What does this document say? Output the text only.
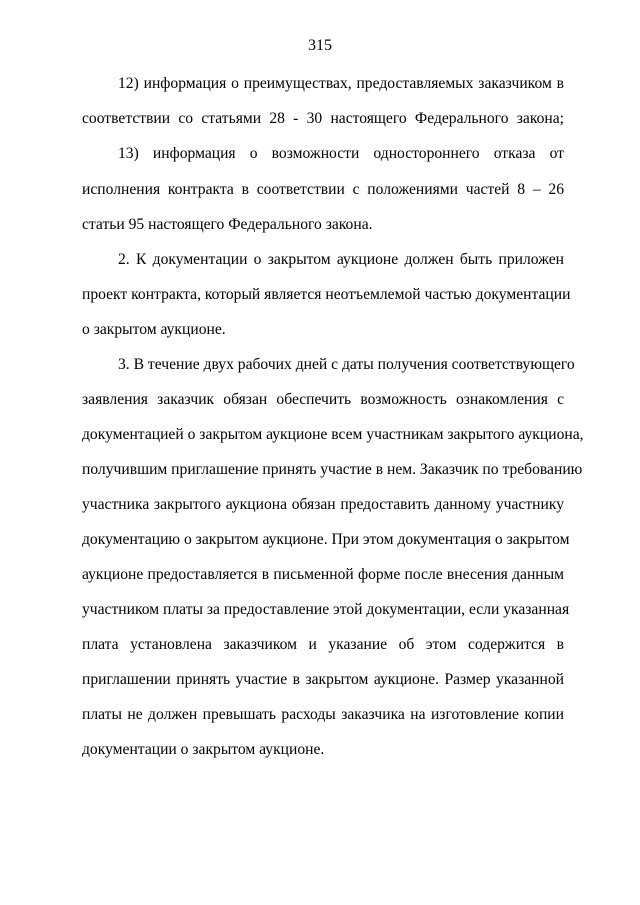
315
12) информация о преимуществах, предоставляемых заказчиком в
соответствии со статьями 28 - 30 настоящего Федерального закона;
13) информация о возможности одностороннего отказа от
исполнения контракта в соответствии с положениями частей 8 – 26
статьи 95 настоящего Федерального закона.
2. К документации о закрытом аукционе должен быть приложен
проект контракта, который является неотъемлемой частью документации
о закрытом аукционе.
3. В течение двух рабочих дней с даты получения соответствующего
заявления заказчик обязан обеспечить возможность ознакомления с
документацией о закрытом аукционе всем участникам закрытого аукциона,
получившим приглашение принять участие в нем. Заказчик по требованию
участника закрытого аукциона обязан предоставить данному участнику
документацию о закрытом аукционе. При этом документация о закрытом
аукционе предоставляется в письменной форме после внесения данным
участником платы за предоставление этой документации, если указанная
плата установлена заказчиком и указание об этом содержится в
приглашении принять участие в закрытом аукционе. Размер указанной
платы не должен превышать расходы заказчика на изготовление копии
документации о закрытом аукционе.
